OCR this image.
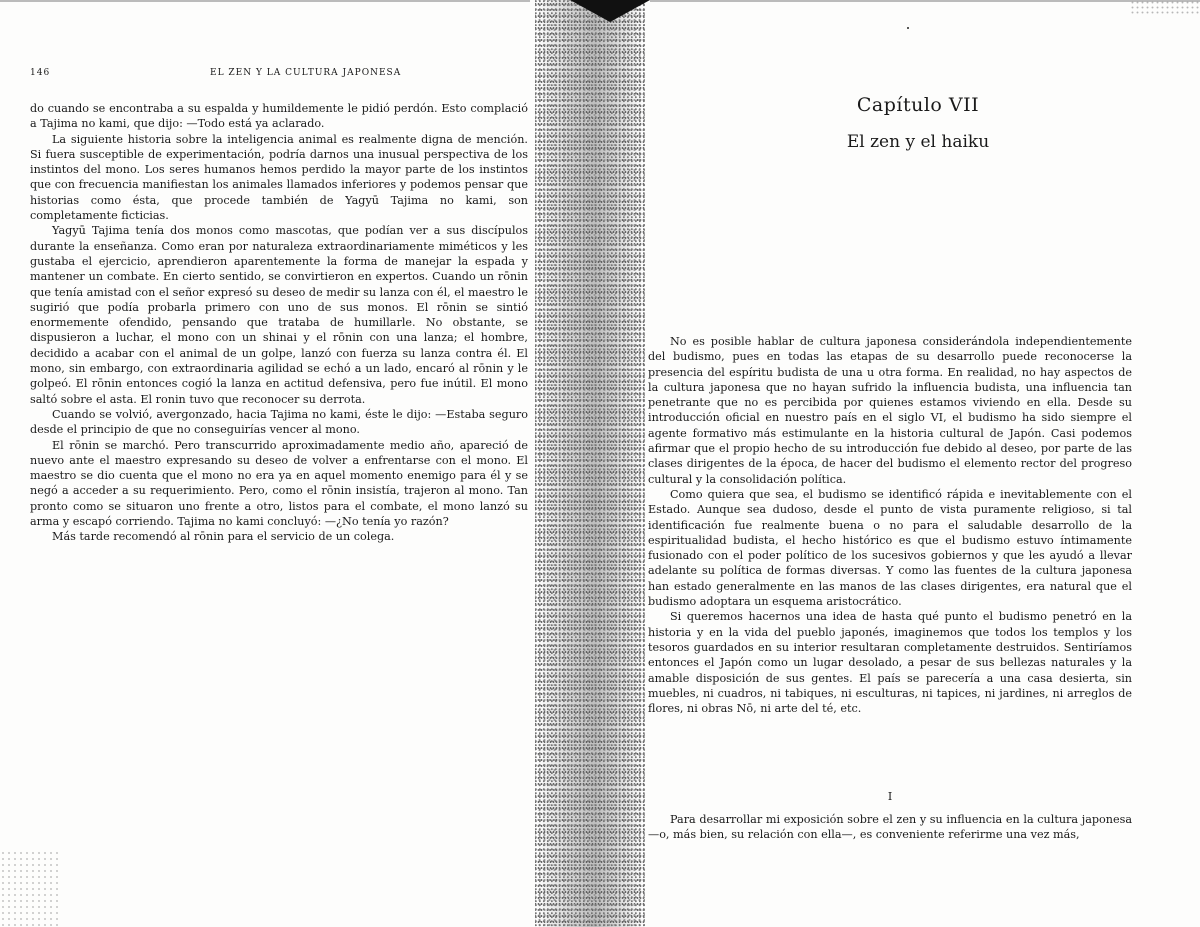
146	EL ZEN Y LA CULTURA JAPONESA

do cuando se encontraba a su espalda y humildemente le pidió perdón. Esto complació a Tajima no kami, que dijo: —Todo está ya aclarado.

La siguiente historia sobre la inteligencia animal es realmente digna de mención. Si fuera susceptible de experimentación, podría darnos una inusual perspectiva de los instintos del mono. Los seres humanos hemos perdido la mayor parte de los instintos que con frecuencia manifiestan los animales llamados inferiores y podemos pensar que historias como ésta, que procede también de Yagyū Tajima no kami, son completamente ficticias.

Yagyū Tajima tenía dos monos como mascotas, que podían ver a sus discípulos durante la enseñanza. Como eran por naturaleza extraordinariamente miméticos y les gustaba el ejercicio, aprendieron aparentemente la forma de manejar la espada y mantener un combate. En cierto sentido, se convirtieron en expertos. Cuando un rōnin que tenía amistad con el señor expresó su deseo de medir su lanza con él, el maestro le sugirió que podía probarla primero con uno de sus monos. El rōnin se sintió enormemente ofendido, pensando que trataba de humillarle. No obstante, se dispusieron a luchar, el mono con un shinai y el rōnin con una lanza; el hombre, decidido a acabar con el animal de un golpe, lanzó con fuerza su lanza contra él. El mono, sin embargo, con extraordinaria agilidad se echó a un lado, encaró al rōnin y le golpeó. El rōnin entonces cogió la lanza en actitud defensiva, pero fue inútil. El mono saltó sobre el asta. El ronin tuvo que reconocer su derrota.

Cuando se volvió, avergonzado, hacia Tajima no kami, éste le dijo: —Estaba seguro desde el principio de que no conseguirías vencer al mono.

El rōnin se marchó. Pero transcurrido aproximadamente medio año, apareció de nuevo ante el maestro expresando su deseo de volver a enfrentarse con el mono. El maestro se dio cuenta que el mono no era ya en aquel momento enemigo para él y se negó a acceder a su requerimiento. Pero, como el rōnin insistía, trajeron al mono. Tan pronto como se situaron uno frente a otro, listos para el combate, el mono lanzó su arma y escapó corriendo. Tajima no kami concluyó: —¿No tenía yo razón?

Más tarde recomendó al rōnin para el servicio de un colega.

Capítulo VII
El zen y el haiku

No es posible hablar de cultura japonesa considerándola independientemente del budismo, pues en todas las etapas de su desarrollo puede reconocerse la presencia del espíritu budista de una u otra forma. En realidad, no hay aspectos de la cultura japonesa que no hayan sufrido la influencia budista, una influencia tan penetrante que no es percibida por quienes estamos viviendo en ella. Desde su introducción oficial en nuestro país en el siglo VI, el budismo ha sido siempre el agente formativo más estimulante en la historia cultural de Japón. Casi podemos afirmar que el propio hecho de su introducción fue debido al deseo, por parte de las clases dirigentes de la época, de hacer del budismo el elemento rector del progreso cultural y la consolidación política.

Como quiera que sea, el budismo se identificó rápida e inevitablemente con el Estado. Aunque sea dudoso, desde el punto de vista puramente religioso, si tal identificación fue realmente buena o no para el saludable desarrollo de la espiritualidad budista, el hecho histórico es que el budismo estuvo íntimamente fusionado con el poder político de los sucesivos gobiernos y que les ayudó a llevar adelante su política de formas diversas. Y como las fuentes de la cultura japonesa han estado generalmente en las manos de las clases dirigentes, era natural que el budismo adoptara un esquema aristocrático.

Si queremos hacernos una idea de hasta qué punto el budismo penetró en la historia y en la vida del pueblo japonés, imaginemos que todos los templos y los tesoros guardados en su interior resultaran completamente destruidos. Sentiríamos entonces el Japón como un lugar desolado, a pesar de sus bellezas naturales y la amable disposición de sus gentes. El país se parecería a una casa desierta, sin muebles, ni cuadros, ni tabiques, ni esculturas, ni tapices, ni jardines, ni arreglos de flores, ni obras Nō, ni arte del té, etc.

I

Para desarrollar mi exposición sobre el zen y su influencia en la cultura japonesa —o, más bien, su relación con ella—, es conveniente referirme una vez más,
